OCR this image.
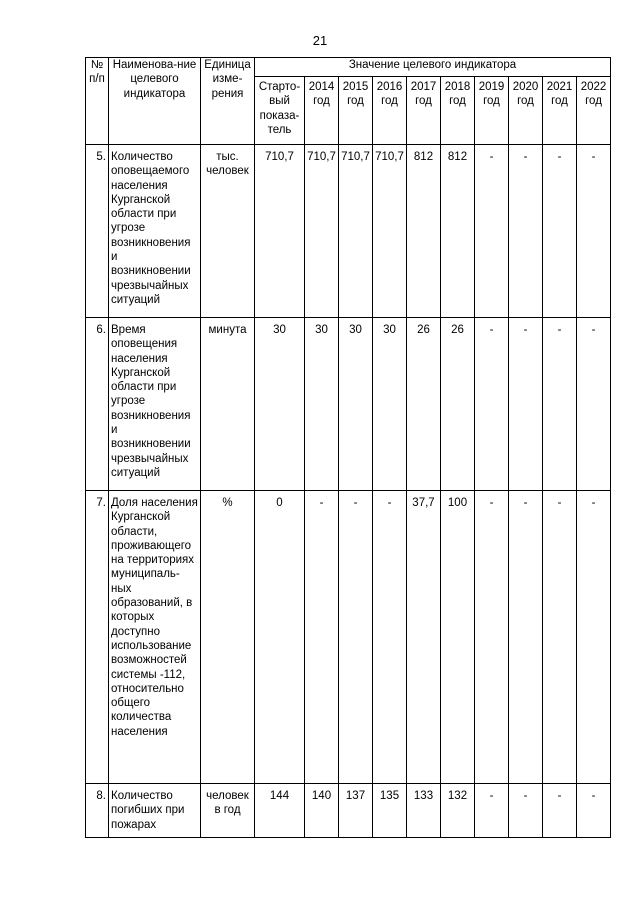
21
№ п/п	Наименова-ние целевого индикатора	Единица изме-рения	Значение целевого индикатора									
			Старто-вый показа-тель	2014 год	2015 год	2016 год	2017 год	2018 год	2019 год	2020 год	2021 год	2022 год
5.	Количество оповещаемого населения Курганской области при угрозе возникновения и возникновении чрезвычайных ситуаций	тыс. человек	710,7	710,7	710,7	710,7	812	812	-	-	-	-
6.	Время оповещения населения Курганской области при угрозе возникновения и возникновении чрезвычайных ситуаций	минута	30	30	30	30	26	26	-	-	-	-
7.	Доля населения Курганской области, проживающего на территориях муниципаль-ных образований, в которых доступно использование возможностей системы -112, относительно общего количества населения	%	0	-	-	-	37,7	100	-	-	-	-
8.	Количество погибших при пожарах	человек в год	144	140	137	135	133	132	-	-	-	-
